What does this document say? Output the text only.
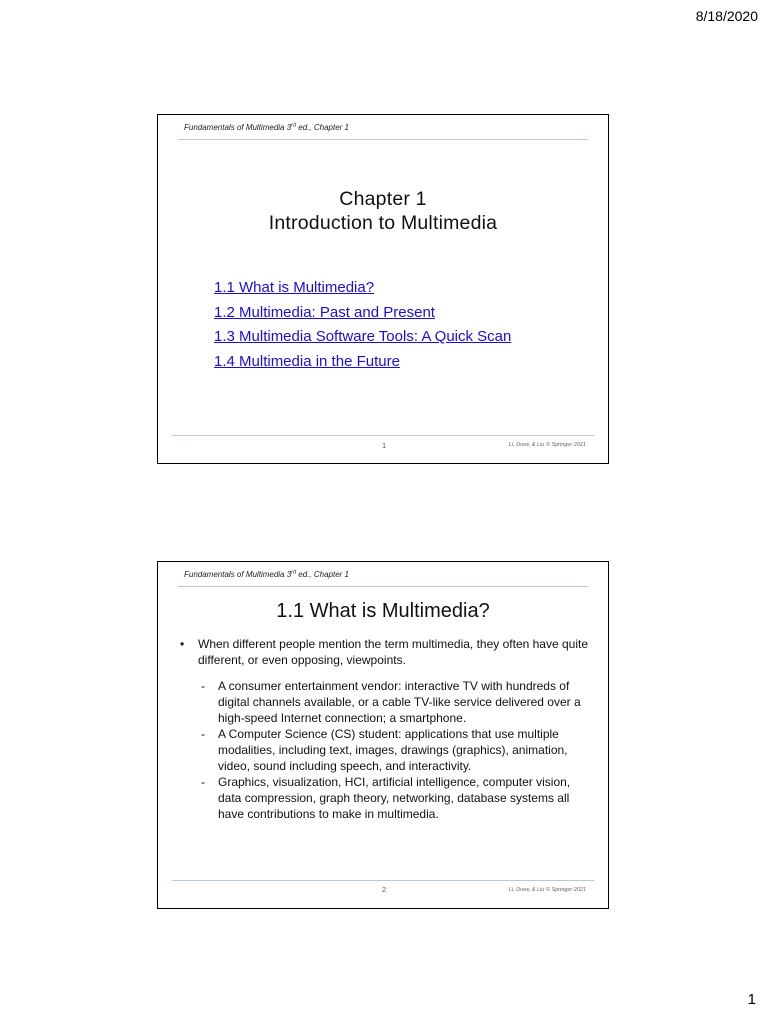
8/18/2020
Fundamentals of Multimedia 3rd ed., Chapter 1
Chapter 1
Introduction to Multimedia
1.1 What is Multimedia?
1.2 Multimedia: Past and Present
1.3 Multimedia Software Tools: A Quick Scan
1.4 Multimedia in the Future
1	Li, Drew, & Liu © Springer 2021
Fundamentals of Multimedia 3rd ed., Chapter 1
1.1 What is Multimedia?
• When different people mention the term multimedia, they often have quite different, or even opposing, viewpoints.
- A consumer entertainment vendor: interactive TV with hundreds of digital channels available, or a cable TV-like service delivered over a high-speed Internet connection; a smartphone.
- A Computer Science (CS) student: applications that use multiple modalities, including text, images, drawings (graphics), animation, video, sound including speech, and interactivity.
- Graphics, visualization, HCI, artificial intelligence, computer vision, data compression, graph theory, networking, database systems all have contributions to make in multimedia.
2	Li, Drew, & Liu © Springer 2021
1
